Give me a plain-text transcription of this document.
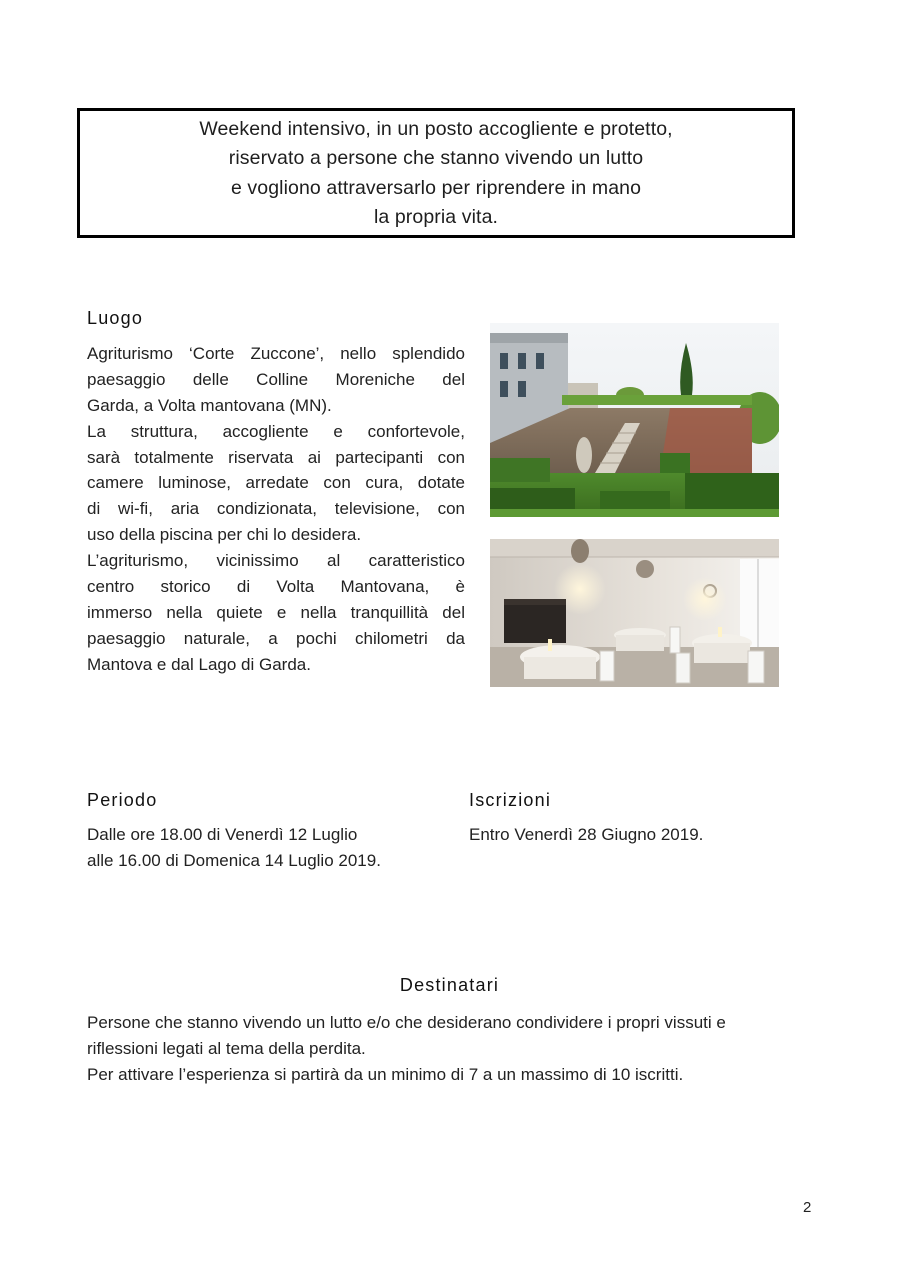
Weekend intensivo, in un posto accogliente e protetto,
riservato a persone che stanno vivendo un lutto
e vogliono attraversarlo per riprendere in mano
la propria vita.
Luogo
Agriturismo ‘Corte Zuccone’, nello splendido
paesaggio delle Colline Moreniche del
Garda, a Volta mantovana (MN).
La struttura, accogliente e confortevole,
sarà totalmente riservata ai partecipanti con
camere luminose, arredate con cura, dotate
di wi-fi, aria condizionata, televisione, con
uso della piscina per chi lo desidera.
L’agriturismo, vicinissimo al caratteristico
centro storico di Volta Mantovana, è
immerso nella quiete e nella tranquillità del
paesaggio naturale, a pochi chilometri da
Mantova e dal Lago di Garda.
Periodo
Dalle ore 18.00 di Venerdì 12 Luglio
alle 16.00 di Domenica 14 Luglio 2019.
Iscrizioni
Entro Venerdì 28 Giugno 2019.
Destinatari
Persone che stanno vivendo un lutto e/o che desiderano condividere i propri vissuti e
riflessioni legati al tema della perdita.
Per attivare l’esperienza si partirà da un minimo di 7 a un massimo di 10 iscritti.
2
